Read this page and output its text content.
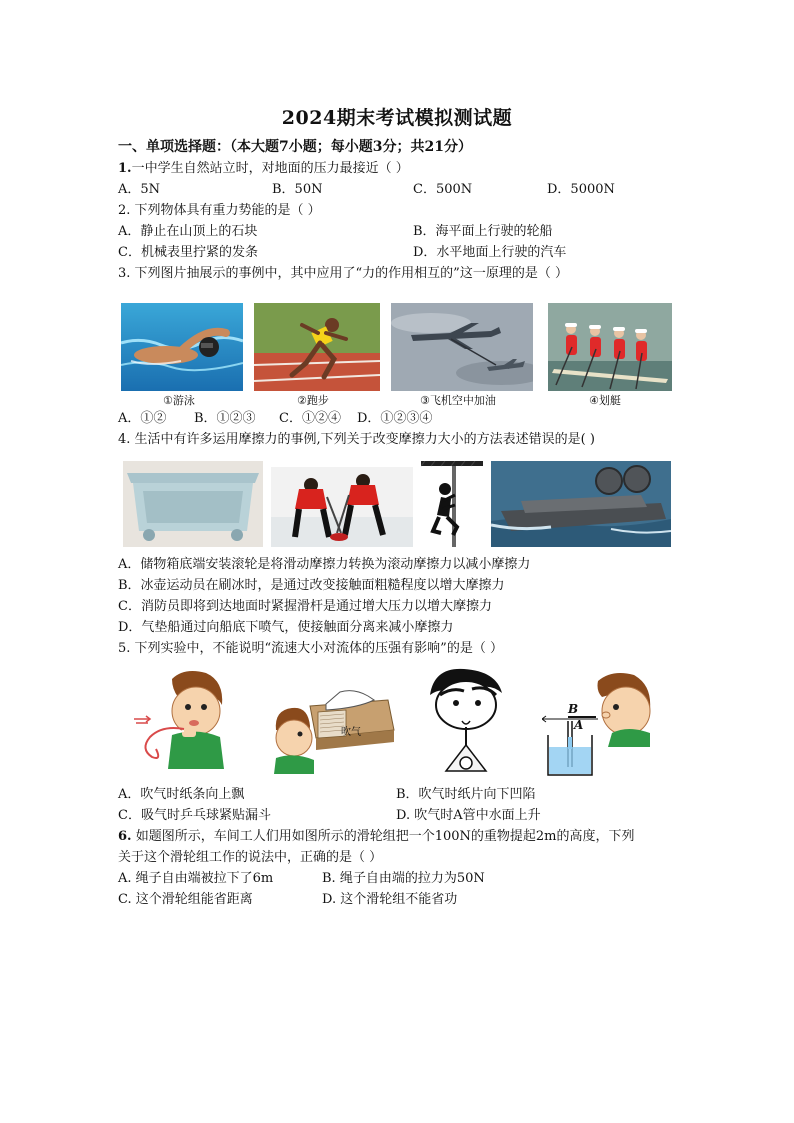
2024期末考试模拟测试题
一、单项选择题：（本大题7小题；每小题3分；共21分）
1.一中学生自然站立时，对地面的压力最接近（ ）
A．5N	B．50N	C．500N	D．5000N
2. 下列物体具有重力势能的是（ ）
A．静止在山顶上的石块	B．海平面上行驶的轮船
C．机械表里拧紧的发条	D．水平地面上行驶的汽车
3. 下列图片抽展示的事例中，其中应用了“力的作用相互的”这一原理的是（ ）
①游泳	②跑步	③飞机空中加油	④划艇
A．①② B．①②③ C．①②④ D．①②③④
4. 生活中有许多运用摩擦力的事例,下列关于改变摩擦力大小的方法表述错误的是( )
A．储物箱底端安装滚轮是将滑动摩擦力转换为滚动摩擦力以减小摩擦力
B．冰壶运动员在刷冰时，是通过改变接触面粗糙程度以增大摩擦力
C．消防员即将到达地面时紧握滑杆是通过增大压力以增大摩擦力
D．气垫船通过向船底下喷气，使接触面分离来减小摩擦力
5. 下列实验中，不能说明“流速大小对流体的压强有影响”的是（ ）
吹气
B
A
A．吹气时纸条向上飘	B．吹气时纸片向下凹陷
C．吸气时乒乓球紧贴漏斗	D. 吹气时A管中水面上升
6. 如题图所示，车间工人们用如图所示的滑轮组把一个100N的重物提起2m的高度，下列
关于这个滑轮组工作的说法中，正确的是（ ）
A. 绳子自由端被拉下了6m	B. 绳子自由端的拉力为50N
C. 这个滑轮组能省距离	D. 这个滑轮组不能省功
